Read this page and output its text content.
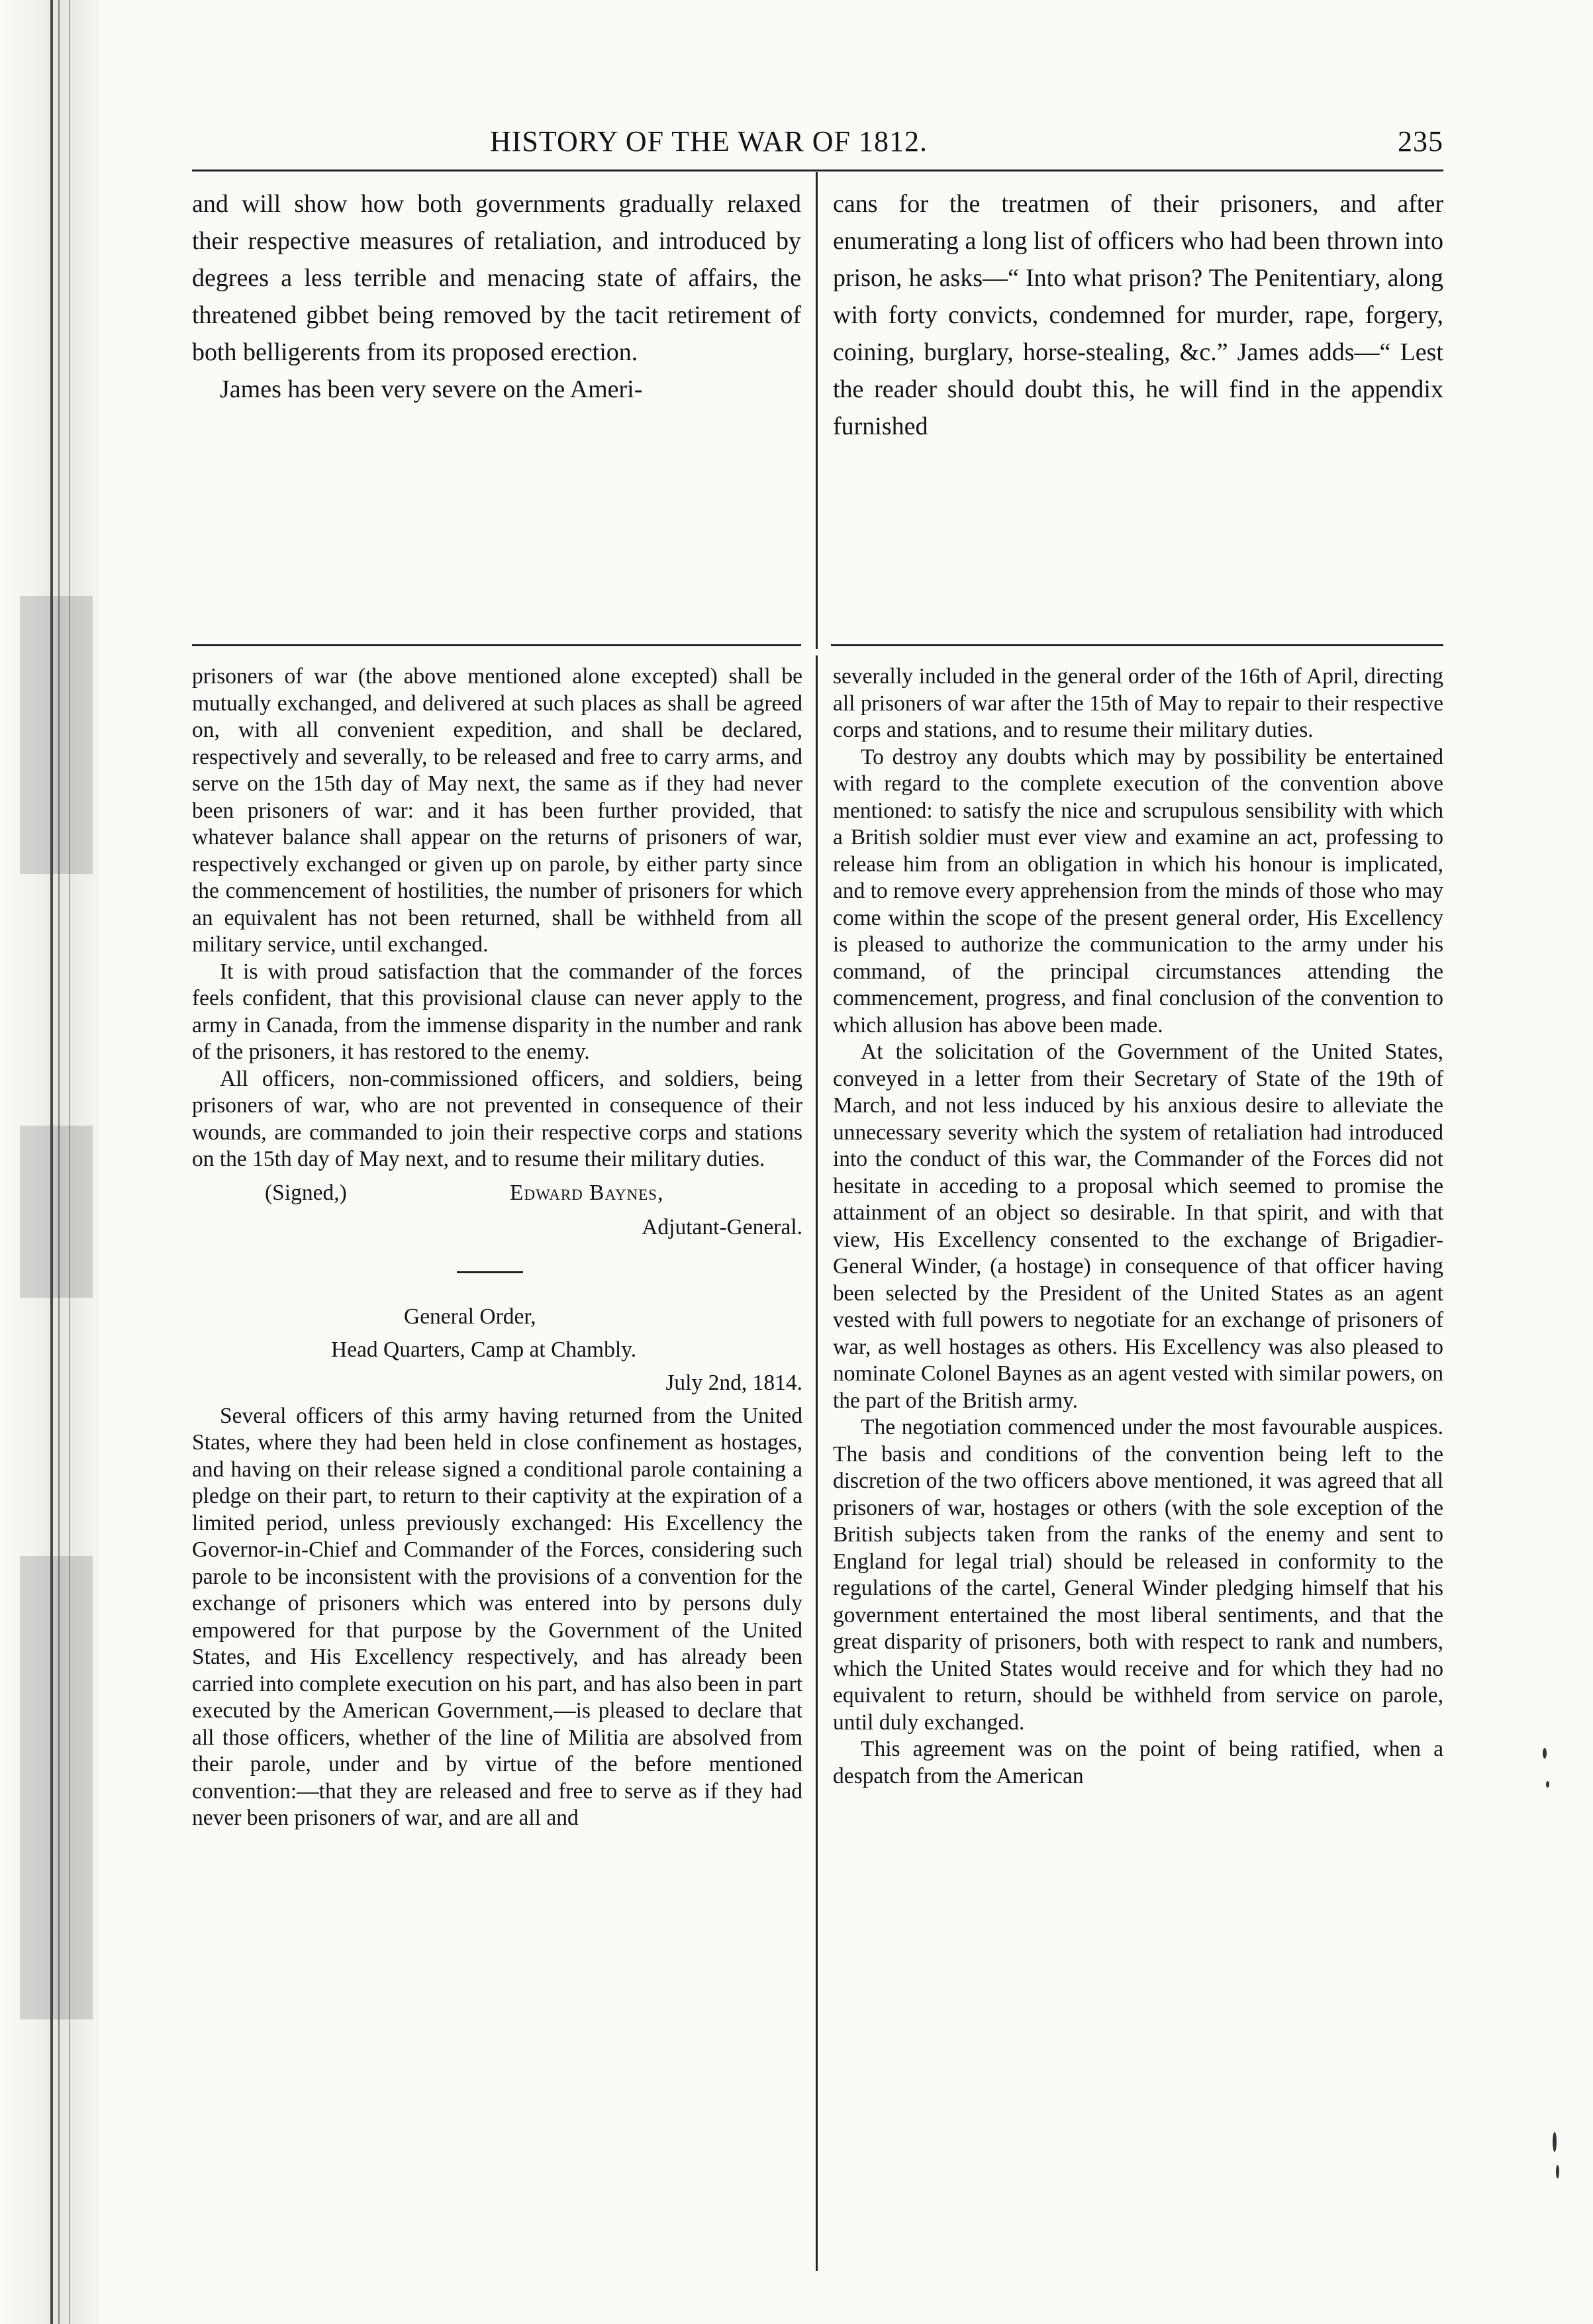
HISTORY OF THE WAR OF 1812.	235

and will show how both governments gradually relaxed their respective measures of retaliation, and introduced by degrees a less terrible and menacing state of affairs, the threatened gibbet being removed by the tacit retirement of both belligerents from its proposed erection.

James has been very severe on the Ameri-

cans for the treatmen of their prisoners, and after enumerating a long list of officers who had been thrown into prison, he asks—“ Into what prison? The Penitentiary, along with forty convicts, condemned for murder, rape, forgery, coining, burglary, horse-stealing, &c.” James adds—“ Lest the reader should doubt this, he will find in the appendix furnished

prisoners of war (the above mentioned alone excepted) shall be mutually exchanged, and delivered at such places as shall be agreed on, with all convenient expedition, and shall be declared, respectively and severally, to be released and free to carry arms, and serve on the 15th day of May next, the same as if they had never been prisoners of war: and it has been further provided, that whatever balance shall appear on the returns of prisoners of war, respectively exchanged or given up on parole, by either party since the commencement of hostilities, the number of prisoners for which an equivalent has not been returned, shall be withheld from all military service, until exchanged.

It is with proud satisfaction that the commander of the forces feels confident, that this provisional clause can never apply to the army in Canada, from the immense disparity in the number and rank of the prisoners, it has restored to the enemy.

All officers, non-commissioned officers, and soldiers, being prisoners of war, who are not prevented in consequence of their wounds, are commanded to join their respective corps and stations on the 15th day of May next, and to resume their military duties.

(Signed,)	Edward Baynes,
Adjutant-General.
General Order,
Head Quarters, Camp at Chambly.
July 2nd, 1814.

Several officers of this army having returned from the United States, where they had been held in close confinement as hostages, and having on their release signed a conditional parole containing a pledge on their part, to return to their captivity at the expiration of a limited period, unless previously exchanged: His Excellency the Governor-in-Chief and Commander of the Forces, considering such parole to be inconsistent with the provisions of a convention for the exchange of prisoners which was entered into by persons duly empowered for that purpose by the Government of the United States, and His Excellency respectively, and has already been carried into complete execution on his part, and has also been in part executed by the American Government,—is pleased to declare that all those officers, whether of the line of Militia are absolved from their parole, under and by virtue of the before mentioned convention:—that they are released and free to serve as if they had never been prisoners of war, and are all and

severally included in the general order of the 16th of April, directing all prisoners of war after the 15th of May to repair to their respective corps and stations, and to resume their military duties.

To destroy any doubts which may by possibility be entertained with regard to the complete execution of the convention above mentioned: to satisfy the nice and scrupulous sensibility with which a British soldier must ever view and examine an act, professing to release him from an obligation in which his honour is implicated, and to remove every apprehension from the minds of those who may come within the scope of the present general order, His Excellency is pleased to authorize the communication to the army under his command, of the principal circumstances attending the commencement, progress, and final conclusion of the convention to which allusion has above been made.

At the solicitation of the Government of the United States, conveyed in a letter from their Secretary of State of the 19th of March, and not less induced by his anxious desire to alleviate the unnecessary severity which the system of retaliation had introduced into the conduct of this war, the Commander of the Forces did not hesitate in acceding to a proposal which seemed to promise the attainment of an object so desirable. In that spirit, and with that view, His Excellency consented to the exchange of Brigadier-General Winder, (a hostage) in consequence of that officer having been selected by the President of the United States as an agent vested with full powers to negotiate for an exchange of prisoners of war, as well hostages as others. His Excellency was also pleased to nominate Colonel Baynes as an agent vested with similar powers, on the part of the British army.

The negotiation commenced under the most favourable auspices. The basis and conditions of the convention being left to the discretion of the two officers above mentioned, it was agreed that all prisoners of war, hostages or others (with the sole exception of the British subjects taken from the ranks of the enemy and sent to England for legal trial) should be released in conformity to the regulations of the cartel, General Winder pledging himself that his government entertained the most liberal sentiments, and that the great disparity of prisoners, both with respect to rank and numbers, which the United States would receive and for which they had no equivalent to return, should be withheld from service on parole, until duly exchanged.

This agreement was on the point of being ratified, when a despatch from the American
